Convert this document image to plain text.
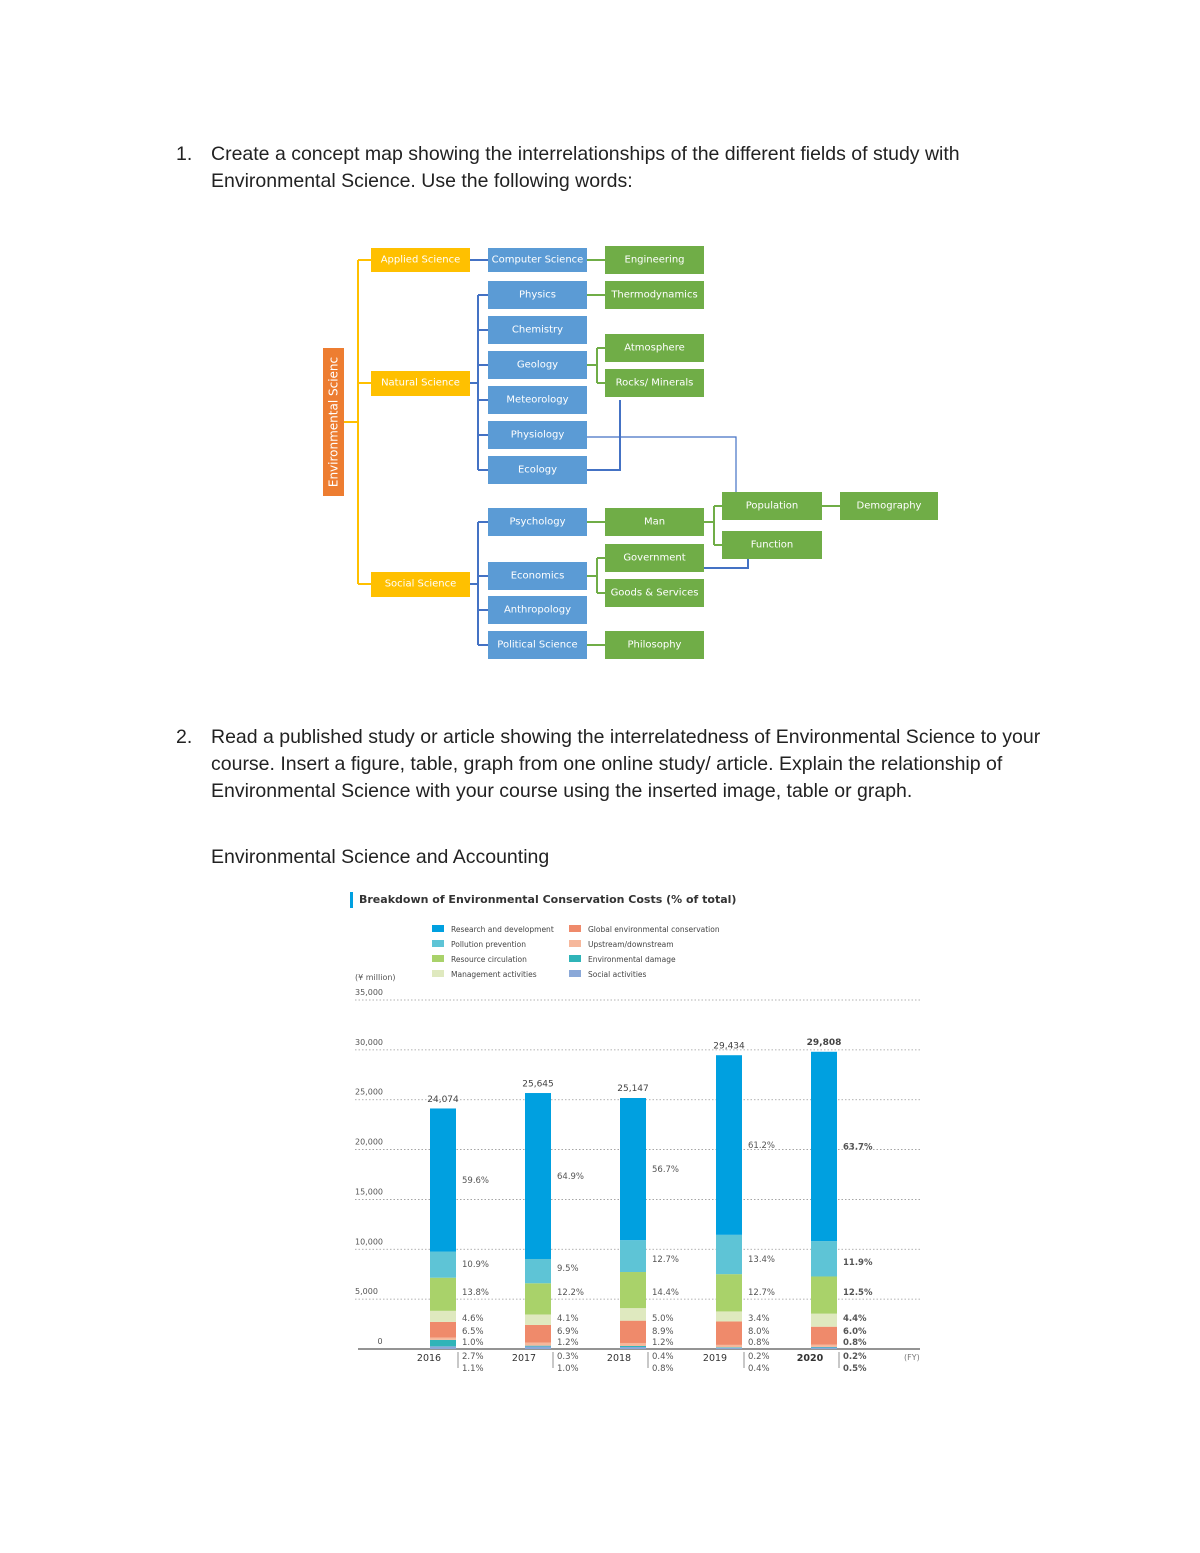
1. Create a concept map showing the interrelationships of the different fields of study with Environmental Science. Use the following words:
Environmental Scienc
Applied Science
Natural Science
Social Science
Computer Science
Physics
Chemistry
Geology
Meteorology
Physiology
Ecology
Psychology
Economics
Anthropology
Political Science
Engineering
Thermodynamics
Atmosphere
Rocks/ Minerals
Man
Government
Goods & Services
Philosophy
Population
Function
Demography
2. Read a published study or article showing the interrelatedness of Environmental Science to your course. Insert a figure, table, graph from one online study/ article. Explain the relationship of Environmental Science with your course using the inserted image, table or graph.
Environmental Science and Accounting
Breakdown of Environmental Conservation Costs (% of total)
Research and development
Pollution prevention
Resource circulation
Management activities
Global environmental conservation
Upstream/downstream
Environmental damage
Social activities
(¥ million)
35,000
30,000
25,000
20,000
15,000
10,000
5,000
0
24,074
59.6%
10.9%
13.8%
4.6%
6.5%
1.0%
2.7%
1.1%
25,645
64.9%
9.5%
12.2%
4.1%
6.9%
1.2%
0.3%
1.0%
25,147
56.7%
12.7%
14.4%
5.0%
8.9%
1.2%
0.4%
0.8%
29,434
61.2%
13.4%
12.7%
3.4%
8.0%
0.8%
0.2%
0.4%
29,808
63.7%
11.9%
12.5%
4.4%
6.0%
0.8%
0.2%
0.5%
2016	2017	2018	2019	2020	(FY)
